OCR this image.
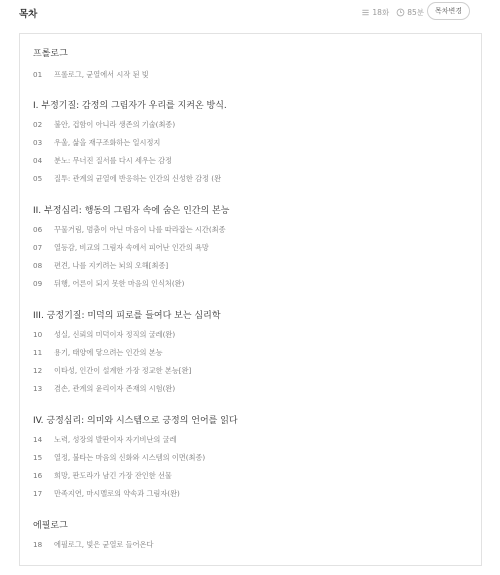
목차	18화 85분	목차변경
프롤로그
01	프롤로그, 균열에서 시작 된 빛
I. 부정기질: 감정의 그림자가 우리를 지켜온 방식.
02	불안, 겁함이 아니라 생존의 기술(최종)
03	우울, 삶을 재구조화하는 일시정지
04	분노: 무너진 질서를 다시 세우는 감정
05	질투: 관계의 균열에 반응하는 인간의 신성한 감정 (완
II. 부정심리: 행동의 그림자 속에 숨은 인간의 본능
06	꾸물거림, 멈춤이 아닌 마음이 나를 따라잡는 시간(최종
07	열등감, 비교의 그림자 속에서 피어난 인간의 욕망
08	편견, 나를 지키려는 뇌의 오해[최종]
09	뒤행, 어른이 되지 못한 마음의 인식처(완)
III. 긍정기질: 미덕의 피로를 들여다 보는 심리학
10	성실, 신뢰의 미덕이자 정직의 굴레(완)
11	용기, 태양에 닿으려는 인간의 본능
12	이타성, 인간이 설계한 가장 정교한 본능[완]
13	겸손, 관계의 윤리이자 존재의 시험(완)
IV. 긍정심리: 의미와 시스템으로 긍정의 언어를 읽다
14	노력, 성장의 발판이자 자기비난의 굴레
15	열정, 불타는 마음의 신화와 시스템의 이면(최종)
16	희망, 판도라가 남긴 가장 잔인한 선물
17	만족지연, 마시멜로의 약속과 그림자(완)
에필로그
18	에필로그, 빛은 균열로 들어온다
